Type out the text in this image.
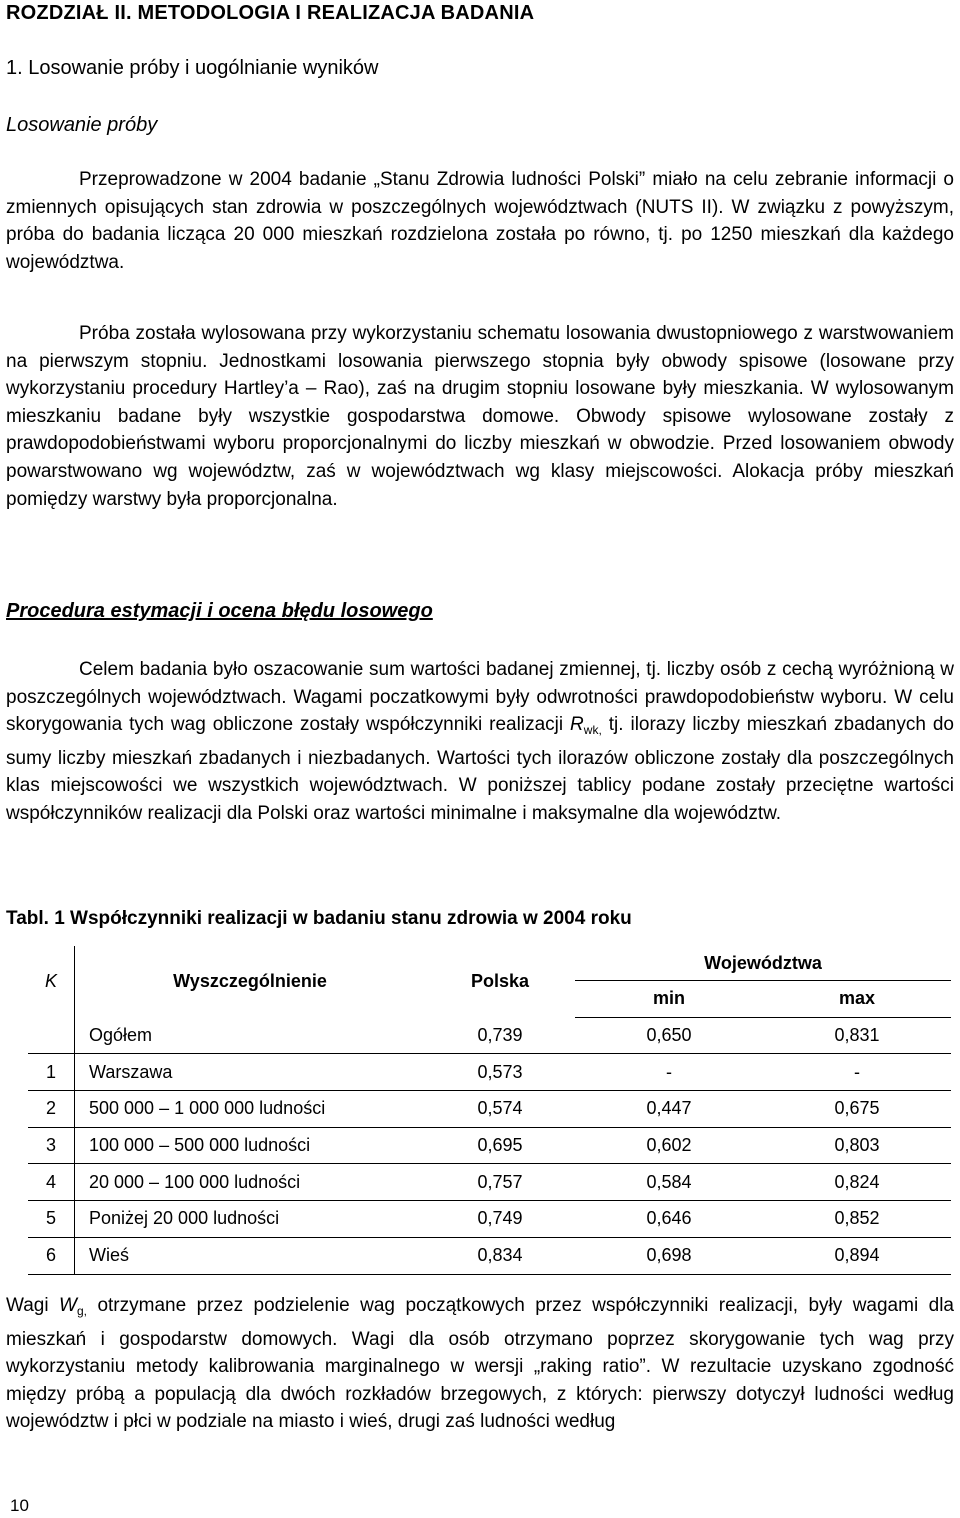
ROZDZIAŁ II. METODOLOGIA I REALIZACJA BADANIA
1. Losowanie próby i uogólnianie wyników
Losowanie próby

Przeprowadzone w 2004 badanie „Stanu Zdrowia ludności Polski” miało na celu zebranie informacji o zmiennych opisujących stan zdrowia w poszczególnych województwach (NUTS II). W związku z powyższym, próba do badania licząca 20 000 mieszkań rozdzielona została po równo, tj. po 1250 mieszkań dla każdego województwa.

Próba została wylosowana przy wykorzystaniu schematu losowania dwustopniowego z warstwowaniem na pierwszym stopniu. Jednostkami losowania pierwszego stopnia były obwody spisowe (losowane przy wykorzystaniu procedury Hartley’a – Rao), zaś na drugim stopniu losowane były mieszkania. W wylosowanym mieszkaniu badane były wszystkie gospodarstwa domowe. Obwody spisowe wylosowane zostały z prawdopodobieństwami wyboru proporcjonalnymi do liczby mieszkań w obwodzie. Przed losowaniem obwody powarstwowano wg województw, zaś w województwach wg klasy miejscowości. Alokacja próby mieszkań pomiędzy warstwy była proporcjonalna.

Procedura estymacji i ocena błędu losowego

Celem badania było oszacowanie sum wartości badanej zmiennej, tj. liczby osób z cechą wyróżnioną w poszczególnych województwach. Wagami poczatkowymi były odwrotności prawdopodobieństw wyboru. W celu skorygowania tych wag obliczone zostały współczynniki realizacji $R_{wk,}$ tj. ilorazy liczby mieszkań zbadanych do sumy liczby mieszkań zbadanych i niezbadanych. Wartości tych ilorazów obliczone zostały dla poszczególnych klas miejscowości we wszystkich województwach. W poniższej tablicy podane zostały przeciętne wartości współczynników realizacji dla Polski oraz wartości minimalne i maksymalne dla województw.

Tabl. 1 Współczynniki realizacji w badaniu stanu zdrowia w 2004 roku
K	Wyszczególnienie	Polska	Województwa	
			min	max
	Ogółem	0,739	0,650	0,831
1	Warszawa	0,573	-	-
2	500 000 – 1 000 000 ludności	0,574	0,447	0,675
3	100 000 – 500 000 ludności	0,695	0,602	0,803
4	20 000 – 100 000 ludności	0,757	0,584	0,824
5	Poniżej 20 000 ludności	0,749	0,646	0,852
6	Wieś	0,834	0,698	0,894

Wagi $W_{g,}$ otrzymane przez podzielenie wag początkowych przez współczynniki realizacji, były wagami dla mieszkań i gospodarstw domowych. Wagi dla osób otrzymano poprzez skorygowanie tych wag przy wykorzystaniu metody kalibrowania marginalnego w wersji „raking ratio”. W rezultacie uzyskano zgodność między próbą a populacją dla dwóch rozkładów brzegowych, z których: pierwszy dotyczył ludności według województw i płci w podziale na miasto i wieś, drugi zaś ludności według

10
